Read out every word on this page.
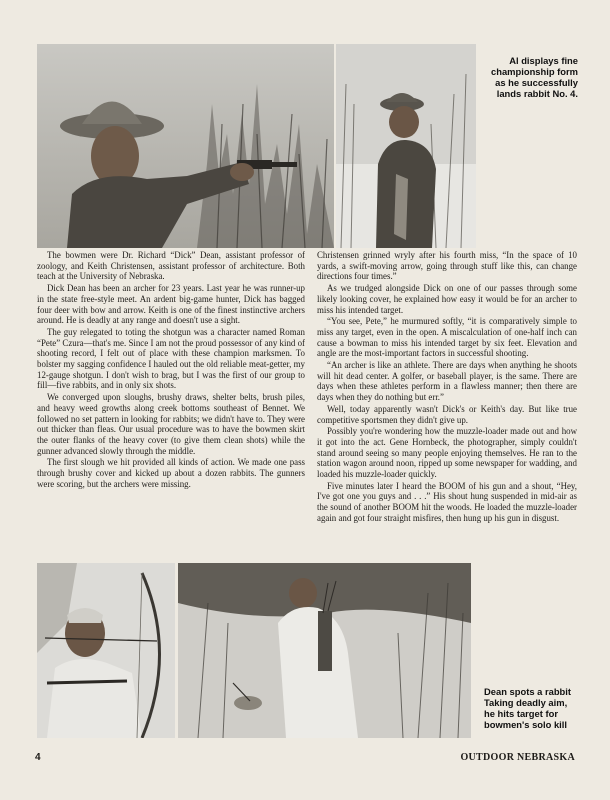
Al displays fine
championship form
as he successfully
lands rabbit No. 4.

The bowmen were Dr. Richard “Dick” Dean, assistant professor of zoology, and Keith Christensen, assistant professor of architecture. Both teach at the University of Nebraska.

Dick Dean has been an archer for 23 years. Last year he was runner-up in the state free-style meet. An ardent big-game hunter, Dick has bagged four deer with bow and arrow. Keith is one of the finest instinctive archers around. He is deadly at any range and doesn't use a sight.

The guy relegated to toting the shotgun was a character named Roman “Pete” Czura—that's me. Since I am not the proud possessor of any kind of shooting record, I felt out of place with these champion marksmen. To bolster my sagging confidence I hauled out the old reliable meat-getter, my 12-gauge shotgun. I don't wish to brag, but I was the first of our group to fill—five rabbits, and in only six shots.

We converged upon sloughs, brushy draws, shelter belts, brush piles, and heavy weed growths along creek bottoms southeast of Bennet. We followed no set pattern in looking for rabbits; we didn't have to. They were out thicker than fleas. Our usual procedure was to have the bowmen skirt the outer flanks of the heavy cover (to give them clean shots) while the gunner advanced slowly through the middle.

The first slough we hit provided all kinds of action. We made one pass through brushy cover and kicked up about a dozen rabbits. The gunners were scoring, but the archers were missing.

Christensen grinned wryly after his fourth miss, “In the space of 10 yards, a swift-moving arrow, going through stuff like this, can change directions four times.”

As we trudged alongside Dick on one of our passes through some likely looking cover, he explained how easy it would be for an archer to miss his intended target.

“You see, Pete,” he murmured softly, “it is comparatively simple to miss any target, even in the open. A miscalculation of one-half inch can cause a bowman to miss his intended target by six feet. Elevation and angle are the most-important factors in successful shooting.

“An archer is like an athlete. There are days when anything he shoots will hit dead center. A golfer, or baseball player, is the same. There are days when these athletes perform in a flawless manner; then there are days when they do nothing but err.”

Well, today apparently wasn't Dick's or Keith's day. But like true competitive sportsmen they didn't give up.

Possibly you're wondering how the muzzle-loader made out and how it got into the act. Gene Hornbeck, the photographer, simply couldn't stand around seeing so many people enjoying themselves. He ran to the station wagon around noon, ripped up some newspaper for wadding, and loaded his muzzle-loader quickly.

Five minutes later I heard the BOOM of his gun and a shout, “Hey, I've got one you guys and . . .” His shout hung suspended in mid-air as the sound of another BOOM hit the woods. He loaded the muzzle-loader again and got four straight misfires, then hung up his gun in disgust.

Dean spots a rabbit
Taking deadly aim,
he hits target for
bowmen's solo kill
4	OUTDOOR NEBRASKA
